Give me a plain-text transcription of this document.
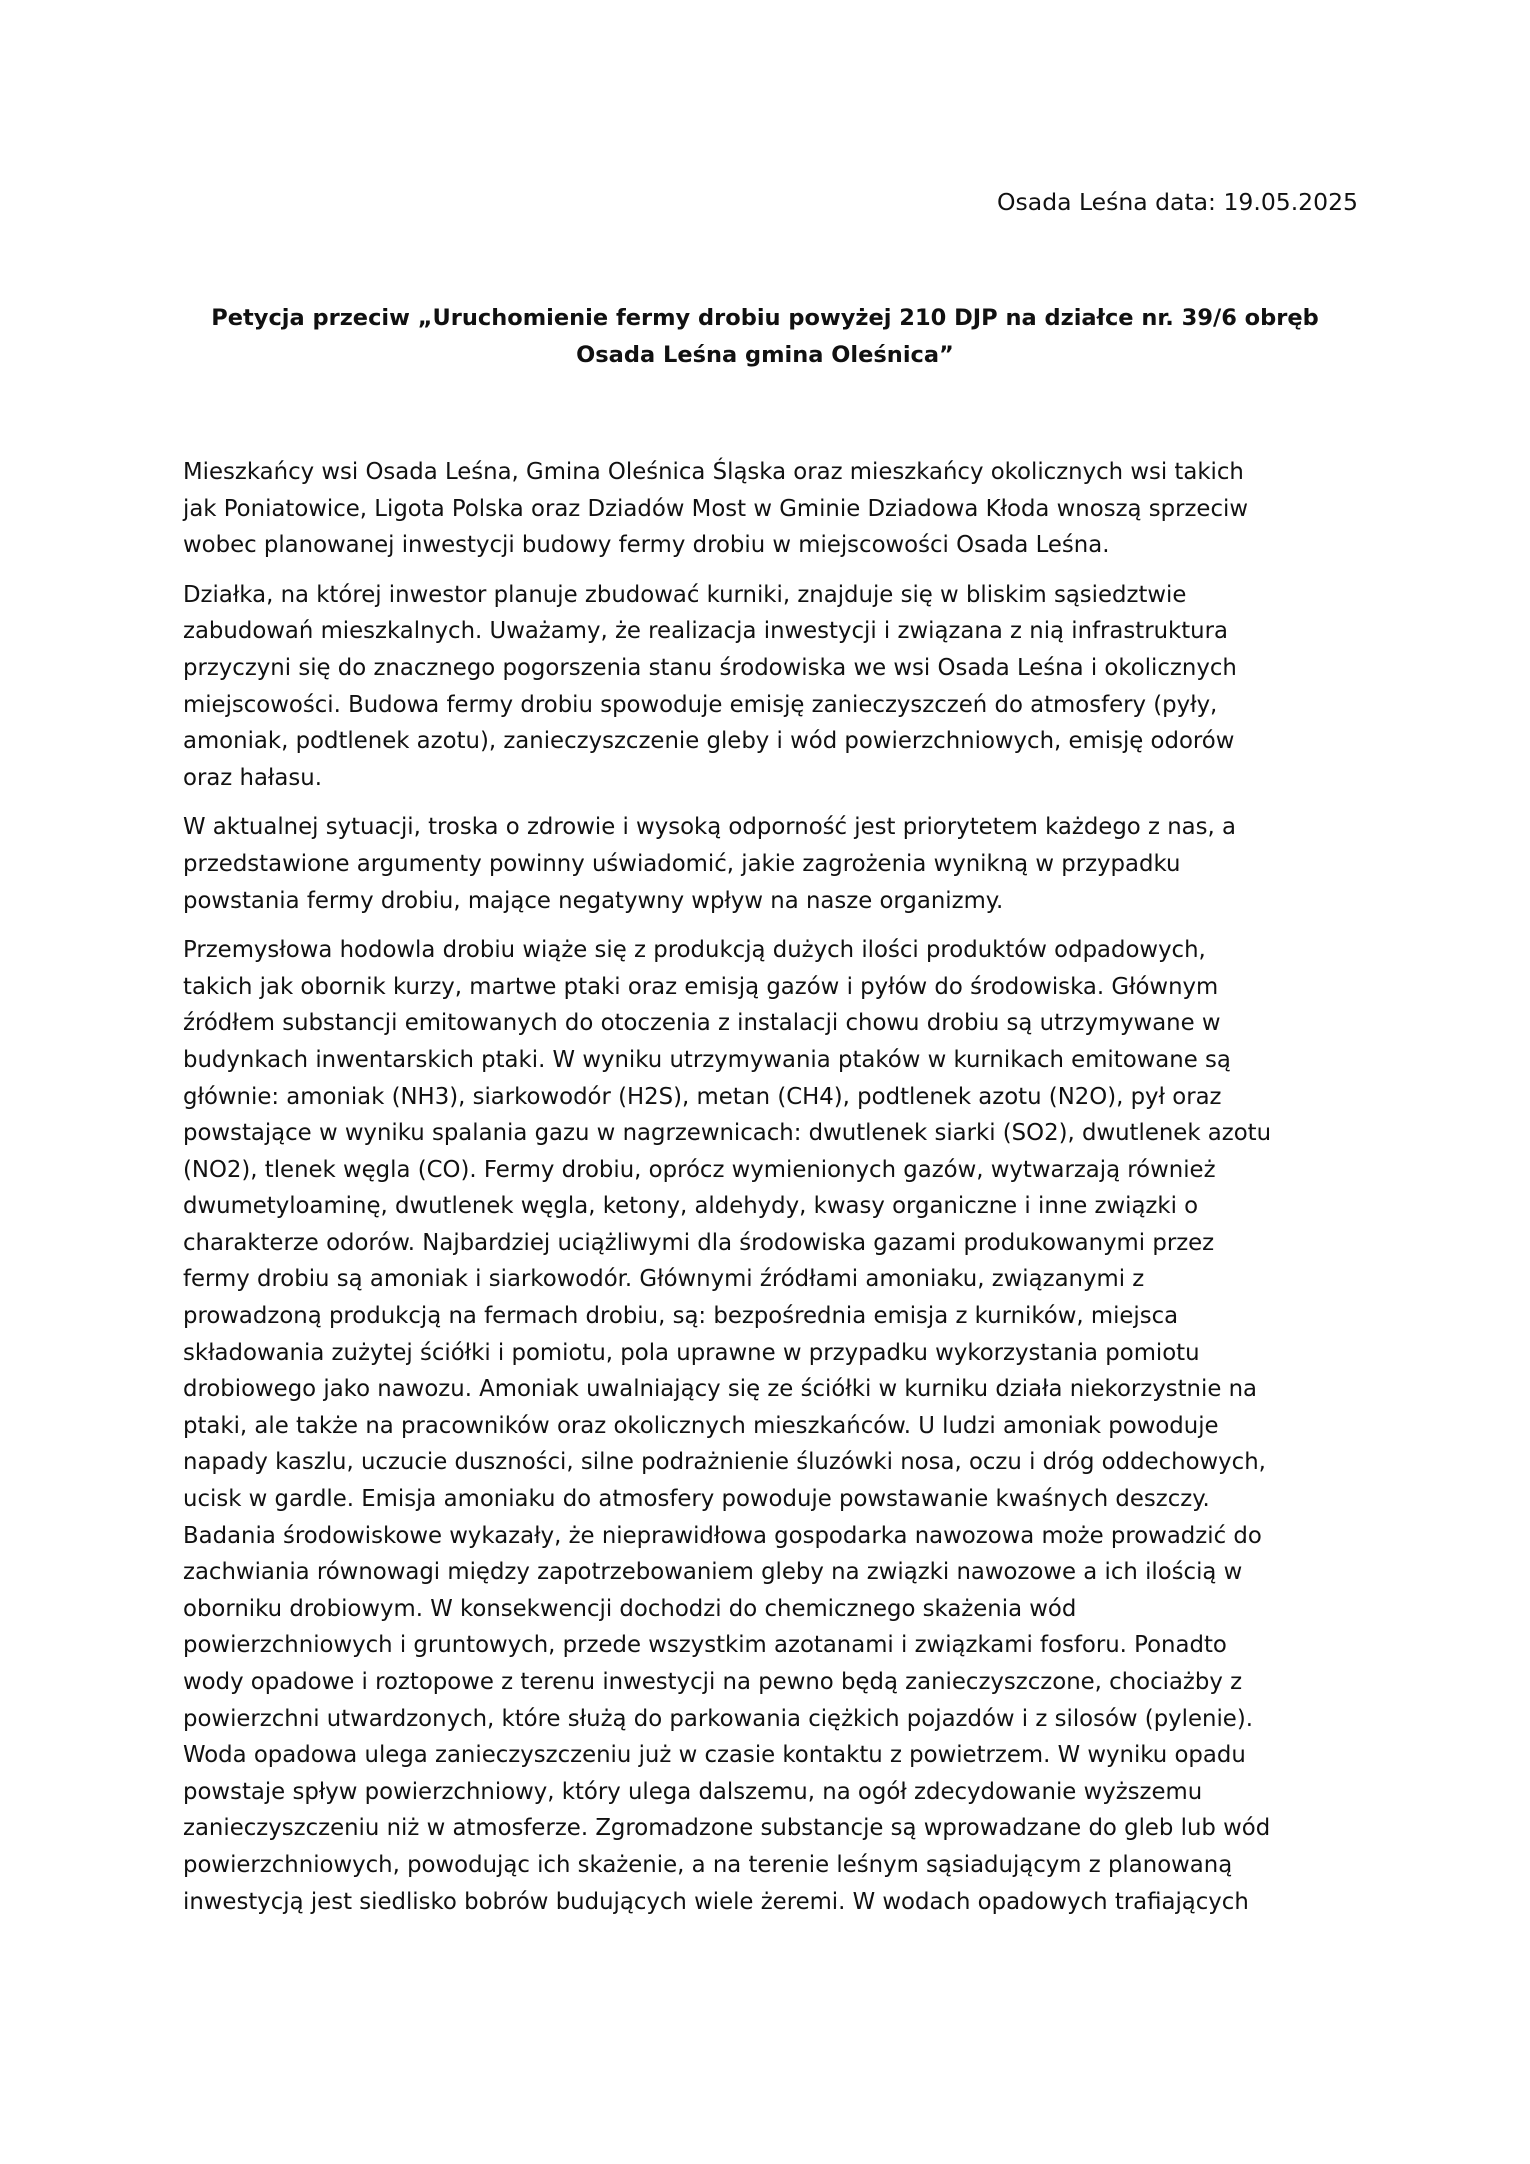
Osada Leśna data: 19.05.2025
Petycja przeciw „Uruchomienie fermy drobiu powyżej 210 DJP na działce nr. 39/6 obręb
Osada Leśna gmina Oleśnica”

Mieszkańcy wsi Osada Leśna, Gmina Oleśnica Śląska oraz mieszkańcy okolicznych wsi takich
jak Poniatowice, Ligota Polska oraz Dziadów Most w Gminie Dziadowa Kłoda wnoszą sprzeciw
wobec planowanej inwestycji budowy fermy drobiu w miejscowości Osada Leśna.

Działka, na której inwestor planuje zbudować kurniki, znajduje się w bliskim sąsiedztwie
zabudowań mieszkalnych. Uważamy, że realizacja inwestycji i związana z nią infrastruktura
przyczyni się do znacznego pogorszenia stanu środowiska we wsi Osada Leśna i okolicznych
miejscowości. Budowa fermy drobiu spowoduje emisję zanieczyszczeń do atmosfery (pyły,
amoniak, podtlenek azotu), zanieczyszczenie gleby i wód powierzchniowych, emisję odorów
oraz hałasu.

W aktualnej sytuacji, troska o zdrowie i wysoką odporność jest priorytetem każdego z nas, a
przedstawione argumenty powinny uświadomić, jakie zagrożenia wynikną w przypadku
powstania fermy drobiu, mające negatywny wpływ na nasze organizmy.

Przemysłowa hodowla drobiu wiąże się z produkcją dużych ilości produktów odpadowych,
takich jak obornik kurzy, martwe ptaki oraz emisją gazów i pyłów do środowiska. Głównym
źródłem substancji emitowanych do otoczenia z instalacji chowu drobiu są utrzymywane w
budynkach inwentarskich ptaki. W wyniku utrzymywania ptaków w kurnikach emitowane są
głównie: amoniak (NH3), siarkowodór (H2S), metan (CH4), podtlenek azotu (N2O), pył oraz
powstające w wyniku spalania gazu w nagrzewnicach: dwutlenek siarki (SO2), dwutlenek azotu
(NO2), tlenek węgla (CO). Fermy drobiu, oprócz wymienionych gazów, wytwarzają również
dwumetyloaminę, dwutlenek węgla, ketony, aldehydy, kwasy organiczne i inne związki o
charakterze odorów. Najbardziej uciążliwymi dla środowiska gazami produkowanymi przez
fermy drobiu są amoniak i siarkowodór. Głównymi źródłami amoniaku, związanymi z
prowadzoną produkcją na fermach drobiu, są: bezpośrednia emisja z kurników, miejsca
składowania zużytej ściółki i pomiotu, pola uprawne w przypadku wykorzystania pomiotu
drobiowego jako nawozu. Amoniak uwalniający się ze ściółki w kurniku działa niekorzystnie na
ptaki, ale także na pracowników oraz okolicznych mieszkańców. U ludzi amoniak powoduje
napady kaszlu, uczucie duszności, silne podrażnienie śluzówki nosa, oczu i dróg oddechowych,
ucisk w gardle. Emisja amoniaku do atmosfery powoduje powstawanie kwaśnych deszczy.
Badania środowiskowe wykazały, że nieprawidłowa gospodarka nawozowa może prowadzić do
zachwiania równowagi między zapotrzebowaniem gleby na związki nawozowe a ich ilością w
oborniku drobiowym. W konsekwencji dochodzi do chemicznego skażenia wód
powierzchniowych i gruntowych, przede wszystkim azotanami i związkami fosforu. Ponadto
wody opadowe i roztopowe z terenu inwestycji na pewno będą zanieczyszczone, chociażby z
powierzchni utwardzonych, które służą do parkowania ciężkich pojazdów i z silosów (pylenie).
Woda opadowa ulega zanieczyszczeniu już w czasie kontaktu z powietrzem. W wyniku opadu
powstaje spływ powierzchniowy, który ulega dalszemu, na ogół zdecydowanie wyższemu
zanieczyszczeniu niż w atmosferze. Zgromadzone substancje są wprowadzane do gleb lub wód
powierzchniowych, powodując ich skażenie, a na terenie leśnym sąsiadującym z planowaną
inwestycją jest siedlisko bobrów budujących wiele żeremi. W wodach opadowych trafiających
